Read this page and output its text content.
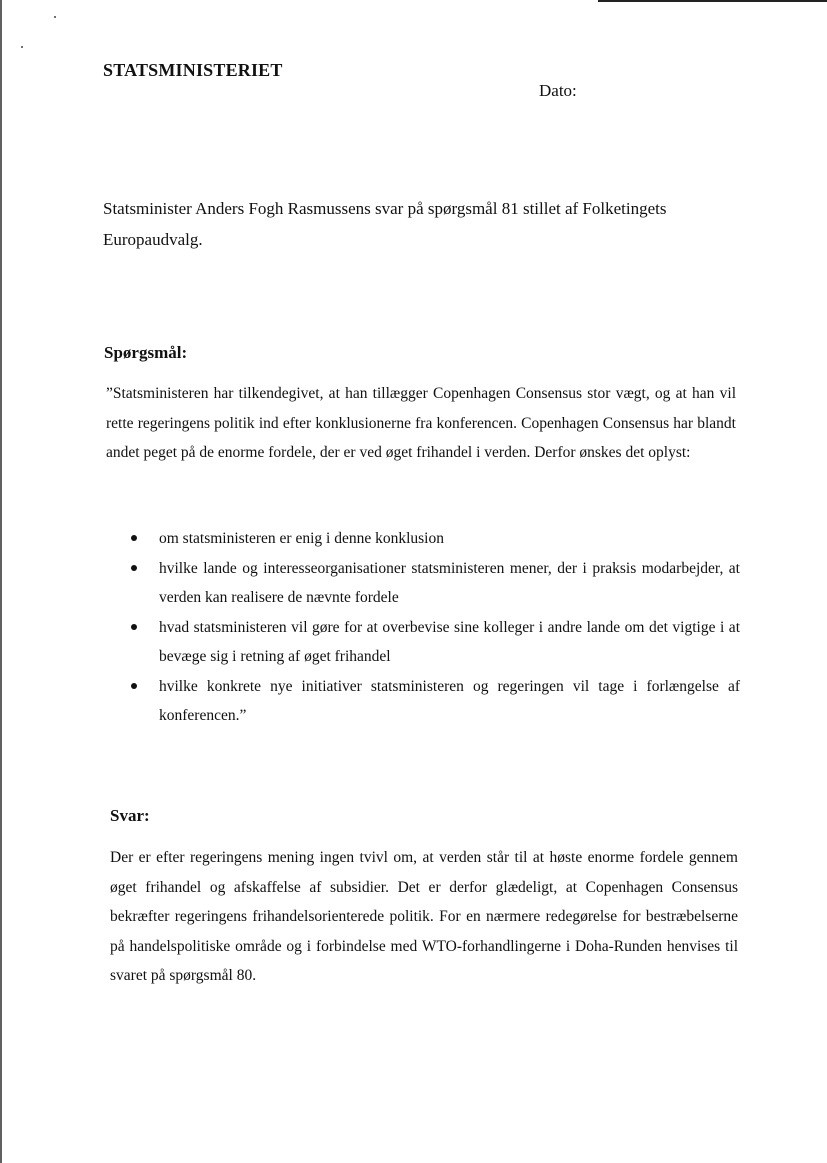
STATSMINISTERIET
Dato:

Statsminister Anders Fogh Rasmussens svar på spørgsmål 81 stillet af Folketingets Europaudvalg.

Spørgsmål:

”Statsministeren har tilkendegivet, at han tillægger Copenhagen Consensus stor vægt, og at han vil rette regeringens politik ind efter konklusionerne fra konferencen. Copenhagen Consensus har blandt andet peget på de enorme fordele, der er ved øget frihandel i verden. Derfor ønskes det oplyst:

om statsministeren er enig i denne konklusion
hvilke lande og interesseorganisationer statsministeren mener, der i praksis modarbejder, at verden kan realisere de nævnte fordele
hvad statsministeren vil gøre for at overbevise sine kolleger i andre lande om det vigtige i at bevæge sig i retning af øget frihandel
hvilke konkrete nye initiativer statsministeren og regeringen vil tage i forlængelse af konferencen.”
Svar:

Der er efter regeringens mening ingen tvivl om, at verden står til at høste enorme fordele gennem øget frihandel og afskaffelse af subsidier. Det er derfor glædeligt, at Copenhagen Consensus bekræfter regeringens frihandelsorienterede politik. For en nærmere redegørelse for bestræbelserne på handelspolitiske område og i forbindelse med WTO-forhandlingerne i Doha-Runden henvises til svaret på spørgsmål 80.
